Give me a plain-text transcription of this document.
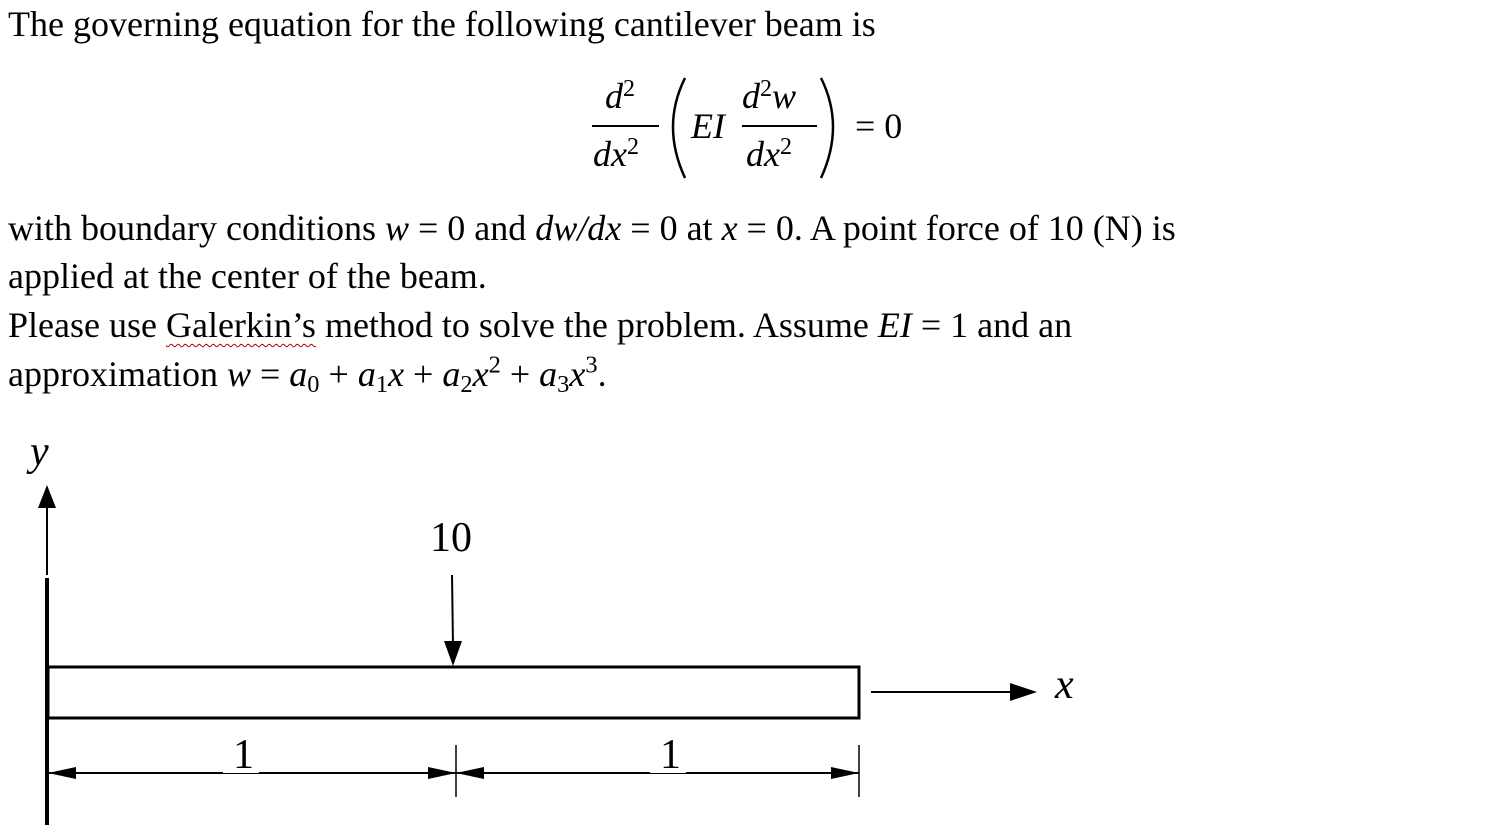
The governing equation for the following cantilever beam is
$d^2$
$dx^2$
EI
$d^2w$
$dx^2$
= 0
with boundary conditions w = 0 and dw/dx = 0 at x = 0. A point force of 10 (N) is
applied at the center of the beam.
Please use Galerkin’s method to solve the problem. Assume EI = 1 and an
approximation $w = a_0 + a_1x + a_2x^2 + a_3x^3$.
y
10
x
1	1
